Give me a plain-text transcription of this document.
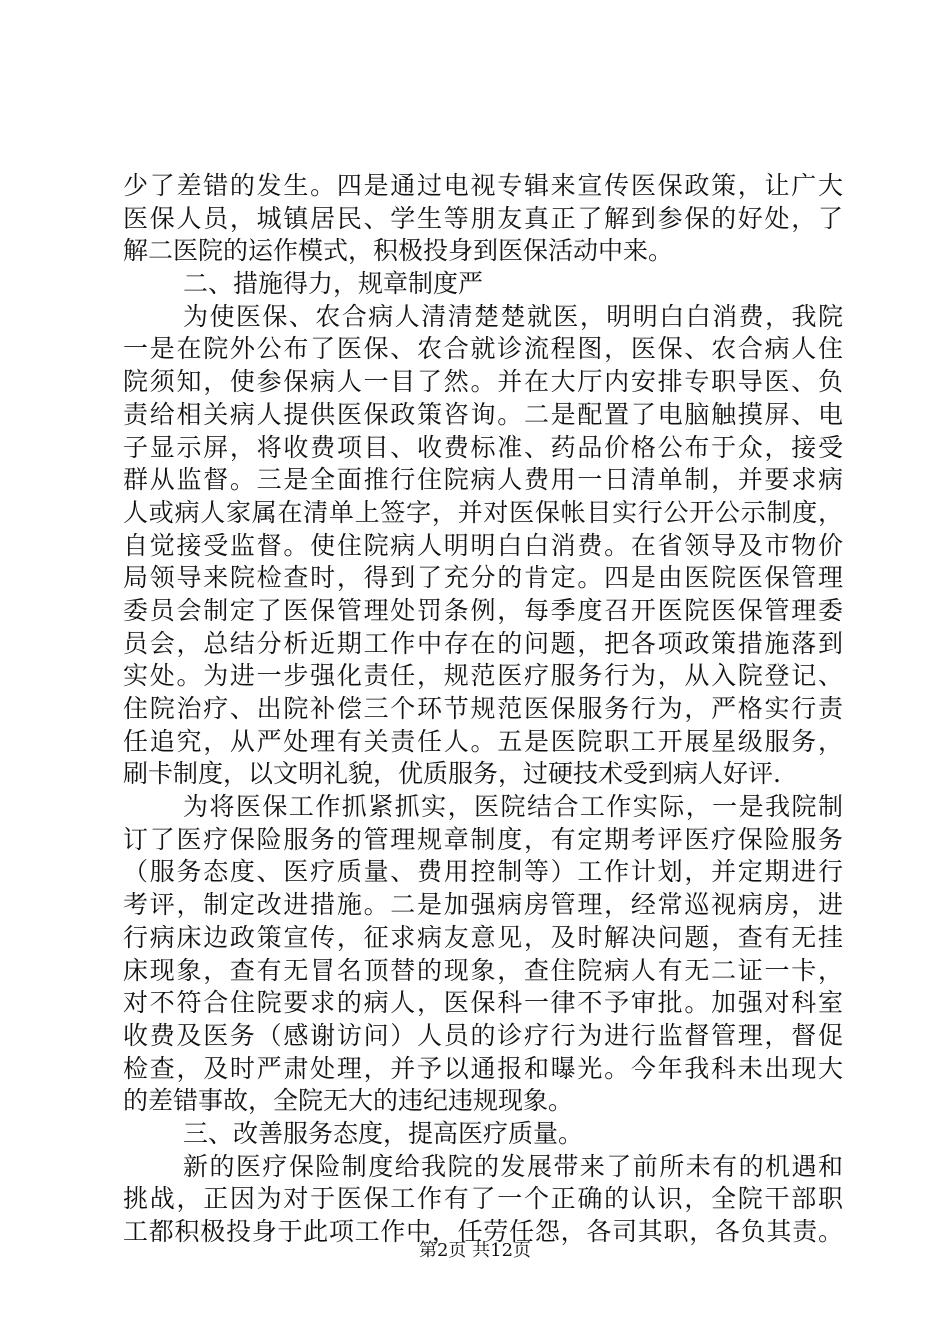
少了差错的发生。四是通过电视专辑来宣传医保政策，让广大
医保人员，城镇居民、学生等朋友真正了解到参保的好处，了
解二医院的运作模式，积极投身到医保活动中来。
二、措施得力，规章制度严
为使医保、农合病人清清楚楚就医，明明白白消费，我院
一是在院外公布了医保、农合就诊流程图，医保、农合病人住
院须知，使参保病人一目了然。并在大厅内安排专职导医、负
责给相关病人提供医保政策咨询。二是配置了电脑触摸屏、电
子显示屏，将收费项目、收费标准、药品价格公布于众，接受
群从监督。三是全面推行住院病人费用一日清单制，并要求病
人或病人家属在清单上签字，并对医保帐目实行公开公示制度，
自觉接受监督。使住院病人明明白白消费。在省领导及市物价
局领导来院检查时，得到了充分的肯定。四是由医院医保管理
委员会制定了医保管理处罚条例，每季度召开医院医保管理委
员会，总结分析近期工作中存在的问题，把各项政策措施落到
实处。为进一步强化责任，规范医疗服务行为，从入院登记、
住院治疗、出院补偿三个环节规范医保服务行为，严格实行责
任追究，从严处理有关责任人。五是医院职工开展星级服务，
刷卡制度，以文明礼貌，优质服务，过硬技术受到病人好评.
为将医保工作抓紧抓实，医院结合工作实际，一是我院制
订了医疗保险服务的管理规章制度，有定期考评医疗保险服务
（服务态度、医疗质量、费用控制等）工作计划，并定期进行
考评，制定改进措施。二是加强病房管理，经常巡视病房，进
行病床边政策宣传，征求病友意见，及时解决问题，查有无挂
床现象，查有无冒名顶替的现象，查住院病人有无二证一卡，
对不符合住院要求的病人，医保科一律不予审批。加强对科室
收费及医务（感谢访问）人员的诊疗行为进行监督管理，督促
检查，及时严肃处理，并予以通报和曝光。今年我科未出现大
的差错事故，全院无大的违纪违规现象。
三、改善服务态度，提高医疗质量。
新的医疗保险制度给我院的发展带来了前所未有的机遇和
挑战，正因为对于医保工作有了一个正确的认识，全院干部职
工都积极投身于此项工作中，任劳任怨，各司其职，各负其责。
第2页 共12页
